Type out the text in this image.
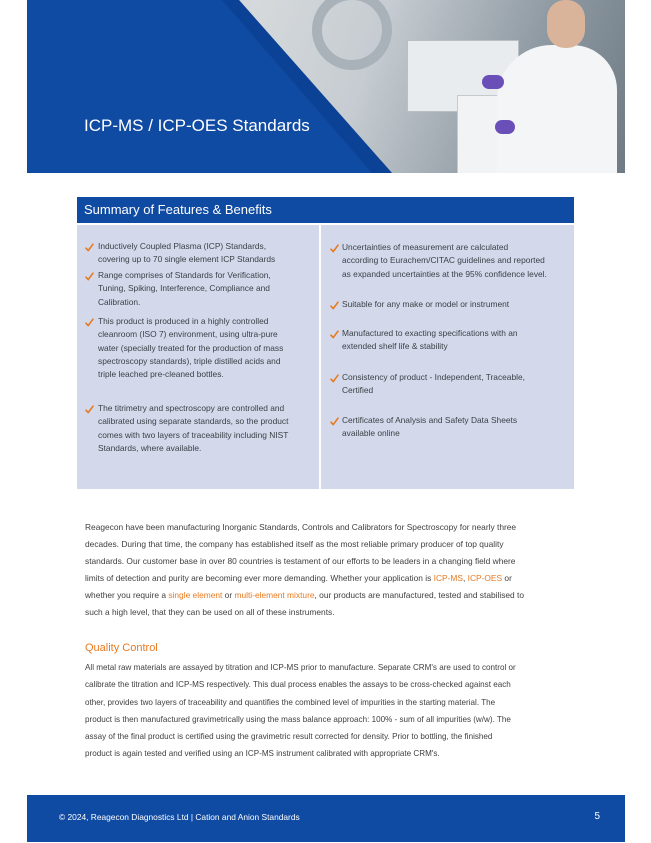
ICP-MS / ICP-OES Standards
Summary of Features & Benefits
Inductively Coupled Plasma (ICP) Standards,
covering up to 70 single element ICP Standards
Range comprises of Standards for Verification,
Tuning, Spiking, Interference, Compliance and
Calibration.
This product is produced in a highly controlled
cleanroom (ISO 7) environment, using ultra-pure
water (specially treated for the production of mass
spectroscopy standards), triple distilled acids and
triple leached pre-cleaned bottles.
The titrimetry and spectroscopy are controlled and
calibrated using separate standards, so the product
comes with two layers of traceability including NIST
Standards, where available.
Uncertainties of measurement are calculated
according to Eurachem/CITAC guidelines and reported
as expanded uncertainties at the 95% confidence level.
Suitable for any make or model or instrument
Manufactured to exacting specifications with an
extended shelf life & stability
Consistency of product - Independent, Traceable,
Certified
Certificates of Analysis and Safety Data Sheets
available online
Reagecon have been manufacturing Inorganic Standards, Controls and Calibrators for Spectroscopy for nearly three
decades. During that time, the company has established itself as the most reliable primary producer of top quality
standards. Our customer base in over 80 countries is testament of our efforts to be leaders in a changing field where
limits of detection and purity are becoming ever more demanding. Whether your application is ICP-MS, ICP-OES or
whether you require a single element or multi-element mixture, our products are manufactured, tested and stabilised to
such a high level, that they can be used on all of these instruments.
Quality Control
All metal raw materials are assayed by titration and ICP-MS prior to manufacture. Separate CRM's are used to control or
calibrate the titration and ICP-MS respectively. This dual process enables the assays to be cross-checked against each
other, provides two layers of traceability and quantifies the combined level of impurities in the starting material. The
product is then manufactured gravimetrically using the mass balance approach: 100% - sum of all impurities (w/w). The
assay of the final product is certified using the gravimetric result corrected for density. Prior to bottling, the finished
product is again tested and verified using an ICP-MS instrument calibrated with appropriate CRM's.
© 2024, Reagecon Diagnostics Ltd | Cation and Anion Standards	5
